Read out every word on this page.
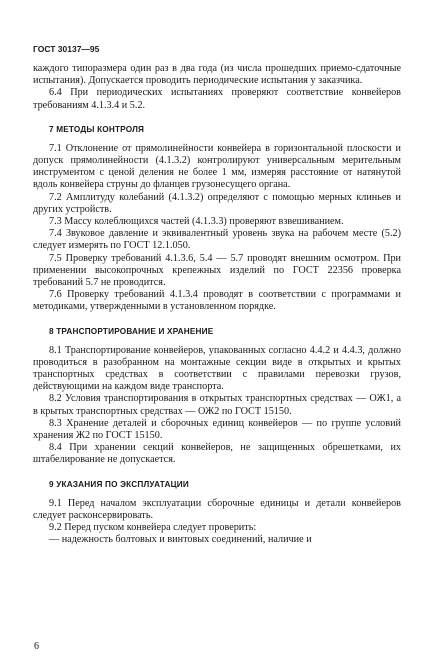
ГОСТ 30137—95

каждого типоразмера один раз в два года (из числа прошедших приемо-сдаточные испытания). Допускается проводить периодические испытания у заказчика.

6.4 При периодических испытаниях проверяют соответствие конвейеров требованиям 4.1.3.4 и 5.2.

7 МЕТОДЫ КОНТРОЛЯ

7.1 Отклонение от прямолинейности конвейера в горизонтальной плоскости и допуск прямолинейности (4.1.3.2) контролируют универсальным мерительным инструментом с ценой деления не более 1 мм, измеряя расстояние от натянутой вдоль конвейера струны до фланцев грузонесущего органа.

7.2 Амплитуду колебаний (4.1.3.2) определяют с помощью мерных клиньев и других устройств.

7.3 Массу колеблющихся частей (4.1.3.3) проверяют взвешиванием.

7.4 Звуковое давление и эквивалентный уровень звука на рабочем месте (5.2) следует измерять по ГОСТ 12.1.050.

7.5 Проверку требований 4.1.3.6, 5.4 — 5.7 проводят внешним осмотром. При применении высокопрочных крепежных изделий по ГОСТ 22356 проверка требований 5.7 не проводится.

7.6 Проверку требований 4.1.3.4 проводят в соответствии с программами и методиками, утвержденными в установленном порядке.

8 ТРАНСПОРТИРОВАНИЕ И ХРАНЕНИЕ

8.1 Транспортирование конвейеров, упакованных согласно 4.4.2 и 4.4.3, должно проводиться в разобранном на монтажные секции виде в открытых и крытых транспортных средствах в соответствии с правилами перевозки грузов, действующими на каждом виде транспорта.

8.2 Условия транспортирования в открытых транспортных средствах — ОЖ1, а в крытых транспортных средствах — ОЖ2 по ГОСТ 15150.

8.3 Хранение деталей и сборочных единиц конвейеров — по группе условий хранения Ж2 по ГОСТ 15150.

8.4 При хранении секций конвейеров, не защищенных обрешетками, их штабелирование не допускается.

9 УКАЗАНИЯ ПО ЭКСПЛУАТАЦИИ

9.1 Перед началом эксплуатации сборочные единицы и детали конвейеров следует расконсервировать.

9.2 Перед пуском конвейера следует проверить:

— надежность болтовых и винтовых соединений, наличие и

6
